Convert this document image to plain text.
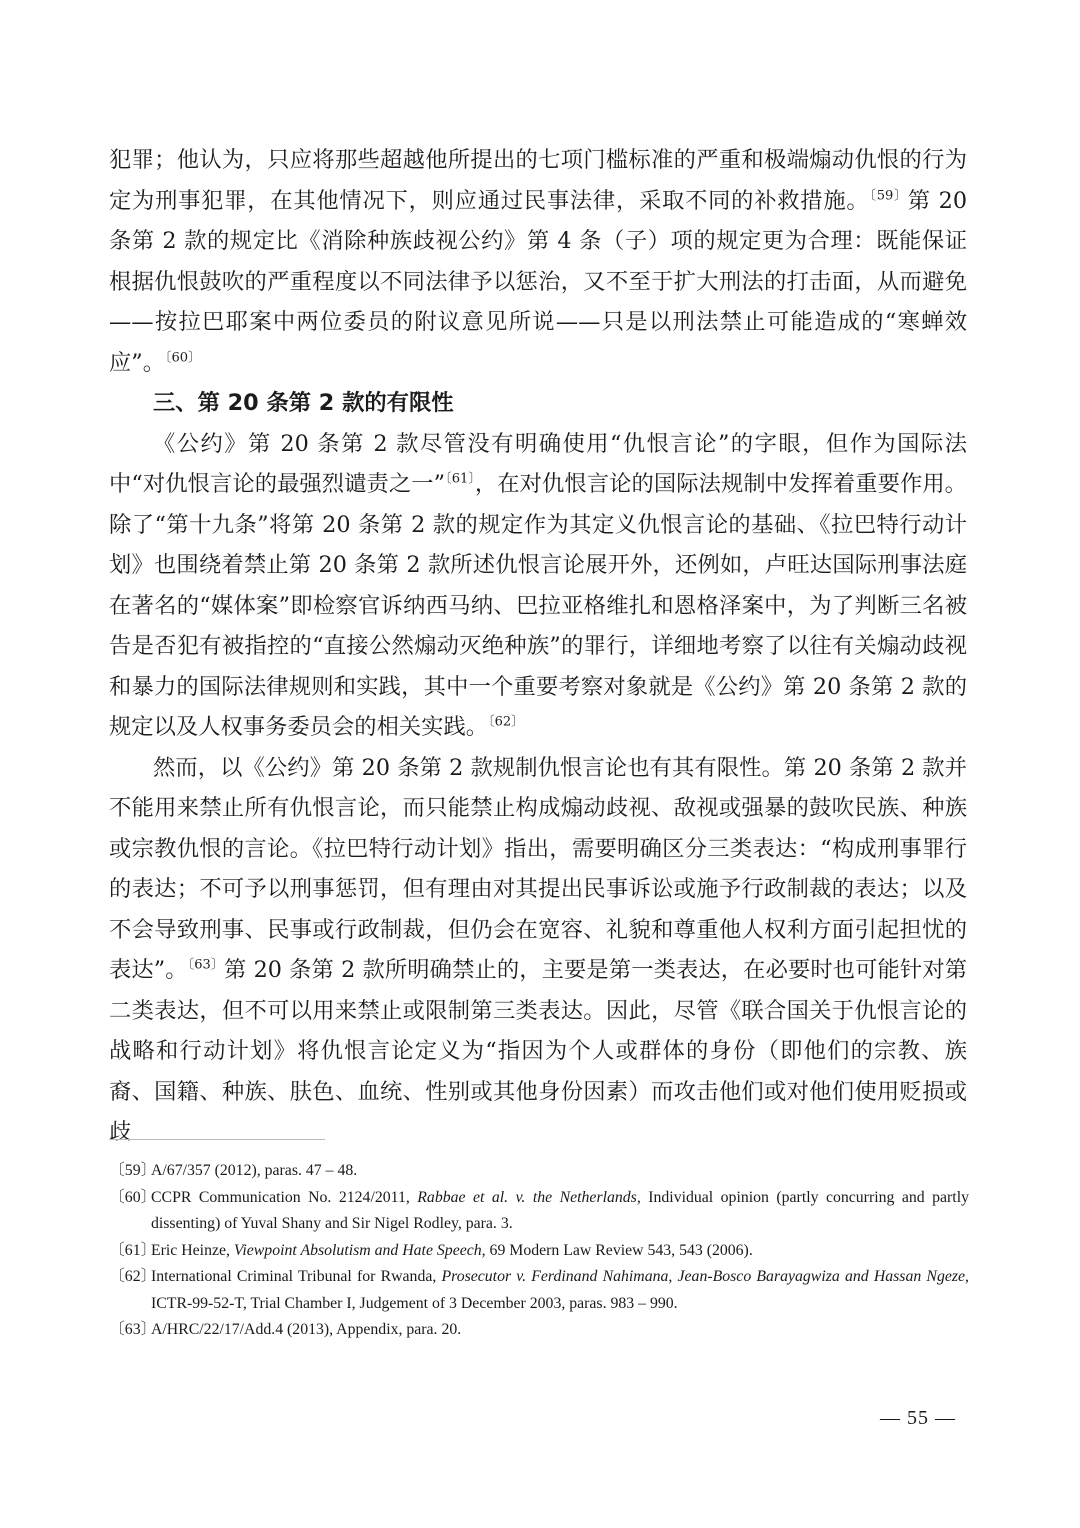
犯罪；他认为，只应将那些超越他所提出的七项门槛标准的严重和极端煽动仇恨的行为定为刑事犯罪，在其他情况下，则应通过民事法律，采取不同的补救措施。$^{〔59〕}$第 20 条第 2 款的规定比《消除种族歧视公约》第 4 条（子）项的规定更为合理：既能保证根据仇恨鼓吹的严重程度以不同法律予以惩治，又不至于扩大刑法的打击面，从而避免——按拉巴耶案中两位委员的附议意见所说——只是以刑法禁止可能造成的“寒蝉效应”。$^{〔60〕}$

三、第 20 条第 2 款的有限性

《公约》第 20 条第 2 款尽管没有明确使用“仇恨言论”的字眼，但作为国际法中“对仇恨言论的最强烈谴责之一”$^{〔61〕}$，在对仇恨言论的国际法规制中发挥着重要作用。除了“第十九条”将第 20 条第 2 款的规定作为其定义仇恨言论的基础、《拉巴特行动计划》也围绕着禁止第 20 条第 2 款所述仇恨言论展开外，还例如，卢旺达国际刑事法庭在著名的“媒体案”即检察官诉纳西马纳、巴拉亚格维扎和恩格泽案中，为了判断三名被告是否犯有被指控的“直接公然煽动灭绝种族”的罪行，详细地考察了以往有关煽动歧视和暴力的国际法律规则和实践，其中一个重要考察对象就是《公约》第 20 条第 2 款的规定以及人权事务委员会的相关实践。$^{〔62〕}$

然而，以《公约》第 20 条第 2 款规制仇恨言论也有其有限性。第 20 条第 2 款并不能用来禁止所有仇恨言论，而只能禁止构成煽动歧视、敌视或强暴的鼓吹民族、种族或宗教仇恨的言论。《拉巴特行动计划》指出，需要明确区分三类表达：“构成刑事罪行的表达；不可予以刑事惩罚，但有理由对其提出民事诉讼或施予行政制裁的表达；以及不会导致刑事、民事或行政制裁，但仍会在宽容、礼貌和尊重他人权利方面引起担忧的表达”。$^{〔63〕}$第 20 条第 2 款所明确禁止的，主要是第一类表达，在必要时也可能针对第二类表达，但不可以用来禁止或限制第三类表达。因此，尽管《联合国关于仇恨言论的战略和行动计划》将仇恨言论定义为“指因为个人或群体的身份（即他们的宗教、族裔、国籍、种族、肤色、血统、性别或其他身份因素）而攻击他们或对他们使用贬损或歧

〔59〕
A/67/357 (2012), paras. 47 – 48.
〔60〕
CCPR Communication No. 2124/2011, Rabbae et al. v. the Netherlands, Individual opinion (partly concurring and partly dissenting) of Yuval Shany and Sir Nigel Rodley, para. 3.
〔61〕
Eric Heinze, Viewpoint Absolutism and Hate Speech, 69 Modern Law Review 543, 543 (2006).
〔62〕
International Criminal Tribunal for Rwanda, Prosecutor v. Ferdinand Nahimana, Jean-Bosco Barayagwiza and Hassan Ngeze, ICTR-99-52-T, Trial Chamber I, Judgement of 3 December 2003, paras. 983 – 990.
〔63〕
A/HRC/22/17/Add.4 (2013), Appendix, para. 20.
— 55 —
